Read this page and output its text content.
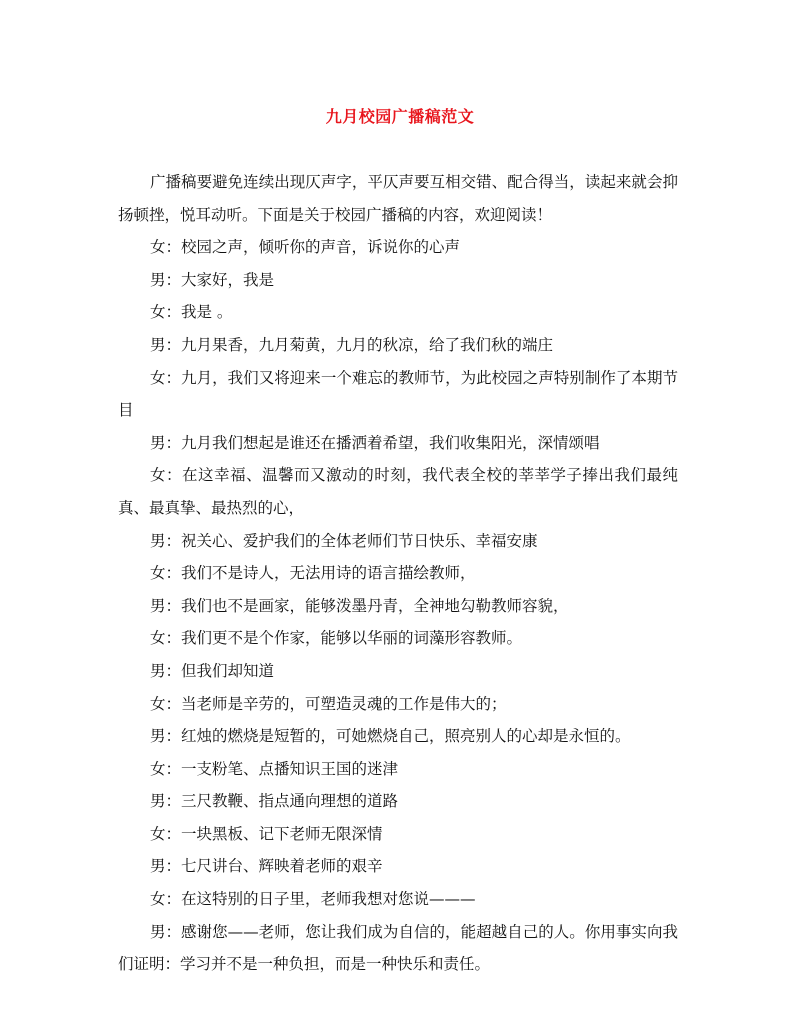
九月校园广播稿范文

广播稿要避免连续出现仄声字，平仄声要互相交错、配合得当，读起来就会抑扬顿挫，悦耳动听。下面是关于校园广播稿的内容，欢迎阅读！

女：校园之声，倾听你的声音，诉说你的心声

男：大家好，我是

女：我是 。

男：九月果香，九月菊黄，九月的秋凉，给了我们秋的端庄

女：九月，我们又将迎来一个难忘的教师节，为此校园之声特别制作了本期节目

男：九月我们想起是谁还在播洒着希望，我们收集阳光，深情颂唱

女：在这幸福、温馨而又激动的时刻，我代表全校的莘莘学子捧出我们最纯真、最真挚、最热烈的心，

男：祝关心、爱护我们的全体老师们节日快乐、幸福安康

女：我们不是诗人，无法用诗的语言描绘教师，

男：我们也不是画家，能够泼墨丹青，全神地勾勒教师容貌，

女：我们更不是个作家，能够以华丽的词藻形容教师。

男：但我们却知道

女：当老师是辛劳的，可塑造灵魂的工作是伟大的；

男：红烛的燃烧是短暂的，可她燃烧自己，照亮别人的心却是永恒的。

女：一支粉笔、点播知识王国的迷津

男：三尺教鞭、指点通向理想的道路

女：一块黑板、记下老师无限深情

男：七尺讲台、辉映着老师的艰辛

女：在这特别的日子里，老师我想对您说———

男：感谢您——老师，您让我们成为自信的，能超越自己的人。你用事实向我们证明：学习并不是一种负担，而是一种快乐和责任。
